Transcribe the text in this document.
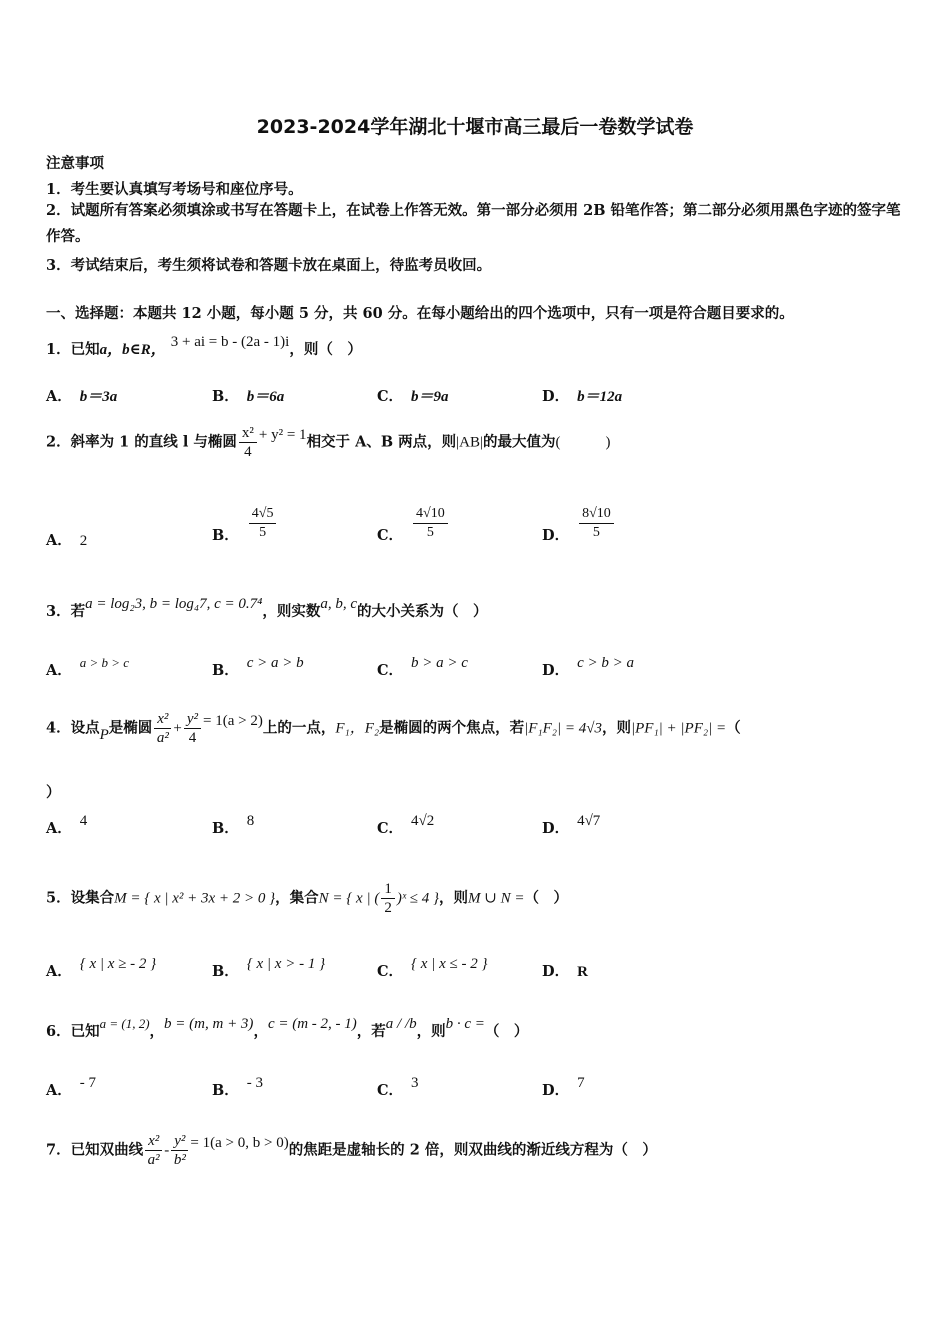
2023-2024学年湖北十堰市高三最后一卷数学试卷
注意事项
1．考生要认真填写考场号和座位序号。
2．试题所有答案必须填涂或书写在答题卡上，在试卷上作答无效。第一部分必须用 2B 铅笔作答；第二部分必须用黑色字迹的签字笔作答。
3．考试结束后，考生须将试卷和答题卡放在桌面上，待监考员收回。
一、选择题：本题共 12 小题，每小题 5 分，共 60 分。在每小题给出的四个选项中，只有一项是符合题目要求的。
1．已知a，b∈R， 3 + ai = b - (2a - 1)i，则（　）
A． b＝3a	B． b＝6a	C． b＝9a	D． b＝12a
2．斜率为 1 的直线 l 与椭圆 $\frac{\text{x²}}{4} + y^2 = 1$相交于 A、B 两点，则|AB|的最大值为(　　　)
A． 2	B． $\frac{4√5}{5}$	C． $\frac{4√10}{5}$	D． $\frac{8√10}{5}$
3．若a = log₂3, b = log₄7, c = 0.7⁴，则实数a, b, c的大小关系为（　）
A． a > b > c	B． c > a > b	C． b > a > c	D． c > b > a
4．设点P是椭圆 $\frac{\text{x²}}{\text{a²}} + \frac{\text{y²}}{4} = 1(a > 2)$上的一点，F₁，F₂是椭圆的两个焦点，若|F₁F₂| = 4√3，则|PF₁| + |PF₂| =（
）
A． 4	B． 8	C． 4√2	D． 4√7
5．设集合M = { x | x² + 3x + 2 > 0 }，集合N = { x | ( $\frac{1}{2}$ )ˣ ≤ 4 }，则M ∪ N =（　）
A． { x | x ≥ - 2 }	B． { x | x > - 1 }	C． { x | x ≤ - 2 }	D． R
6．已知a = (1, 2)，b = (m, m + 3)，c = (m - 2, - 1)，若a / /b，则b · c =（　）
A． - 7	B． - 3	C． 3	D． 7
7．已知双曲线 $\frac{\text{x²}}{\text{a²}} - \frac{\text{y²}}{\text{b²}} = 1(a > 0$, b > 0)的焦距是虚轴长的 2 倍，则双曲线的渐近线方程为（　）
